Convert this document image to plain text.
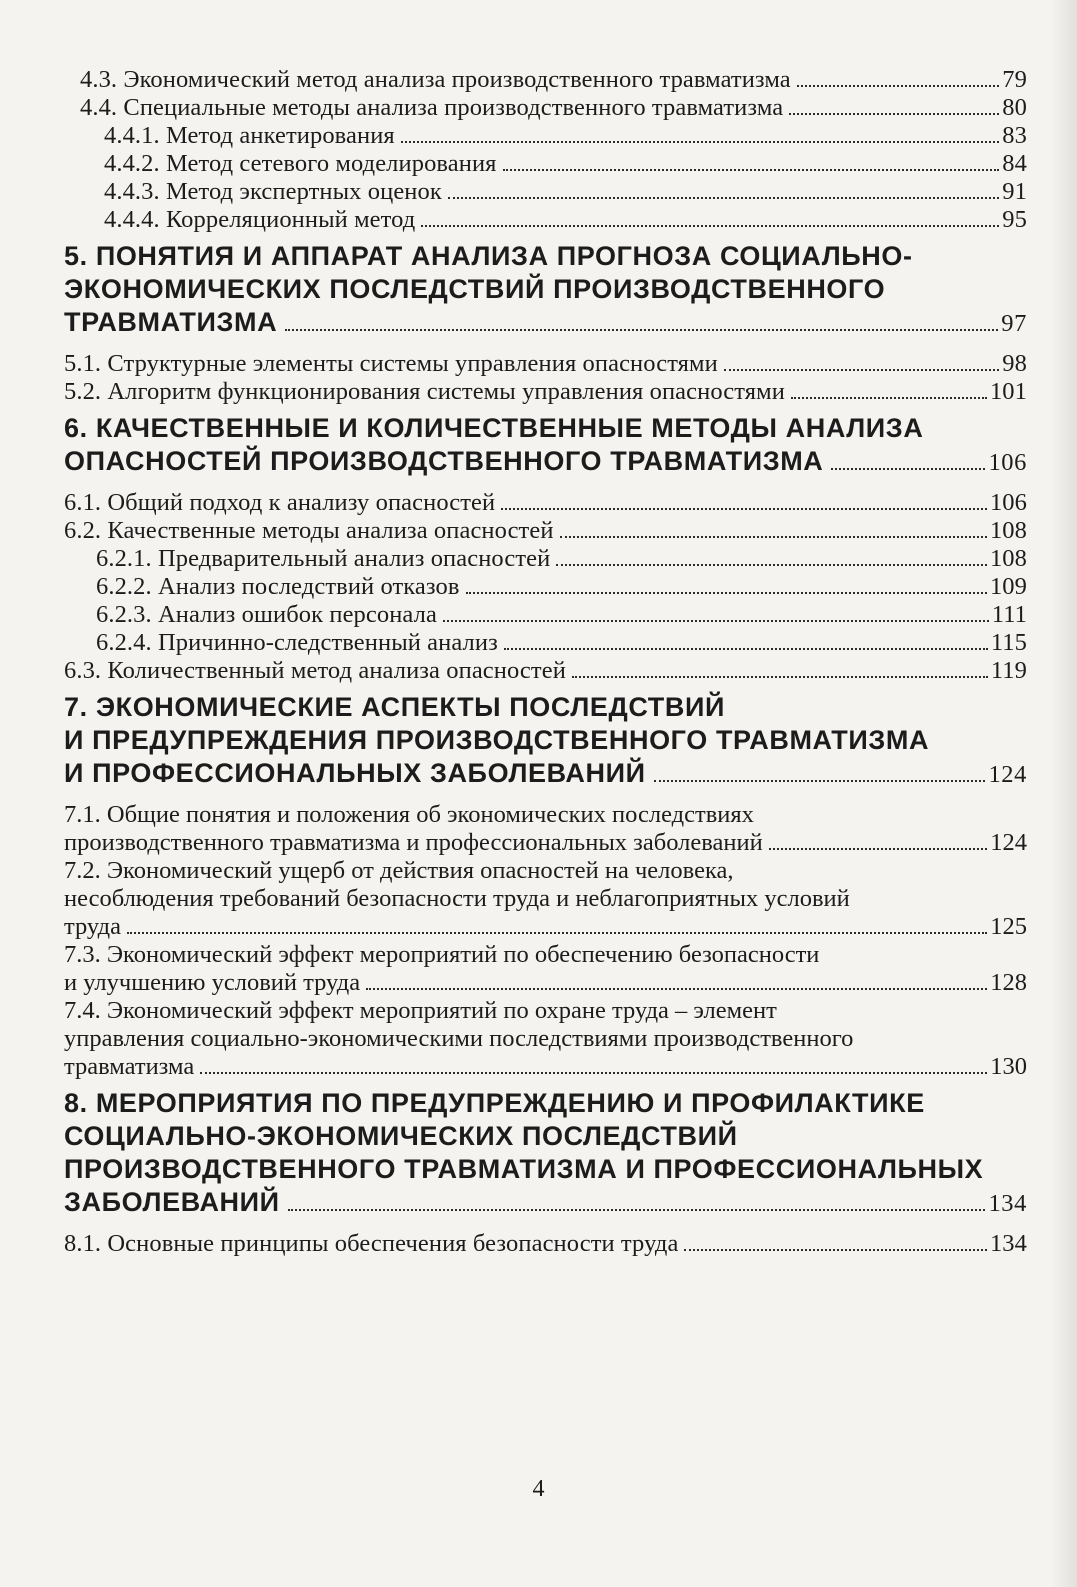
4.3. Экономический метод анализа производственного травматизма	79
4.4. Специальные методы анализа производственного травматизма	80
4.4.1. Метод анкетирования	83
4.4.2. Метод сетевого моделирования	84
4.4.3. Метод экспертных оценок	91
4.4.4. Корреляционный метод	95
5. ПОНЯТИЯ И АППАРАТ АНАЛИЗА ПРОГНОЗА СОЦИАЛЬНО-
ЭКОНОМИЧЕСКИХ ПОСЛЕДСТВИЙ ПРОИЗВОДСТВЕННОГО
ТРАВМАТИЗМА	97
5.1. Структурные элементы системы управления опасностями	98
5.2. Алгоритм функционирования системы управления опасностями	101
6. КАЧЕСТВЕННЫЕ И КОЛИЧЕСТВЕННЫЕ МЕТОДЫ АНАЛИЗА
ОПАСНОСТЕЙ ПРОИЗВОДСТВЕННОГО ТРАВМАТИЗМА	106
6.1. Общий подход к анализу опасностей	106
6.2. Качественные методы анализа опасностей	108
6.2.1. Предварительный анализ опасностей	108
6.2.2. Анализ последствий отказов	109
6.2.3. Анализ ошибок персонала	111
6.2.4. Причинно-следственный анализ	115
6.3. Количественный метод анализа опасностей	119
7. ЭКОНОМИЧЕСКИЕ АСПЕКТЫ ПОСЛЕДСТВИЙ
И ПРЕДУПРЕЖДЕНИЯ ПРОИЗВОДСТВЕННОГО ТРАВМАТИЗМА
И ПРОФЕССИОНАЛЬНЫХ ЗАБОЛЕВАНИЙ	124
7.1. Общие понятия и положения об экономических последствиях
производственного травматизма и профессиональных заболеваний	124
7.2. Экономический ущерб от действия опасностей на человека,
несоблюдения требований безопасности труда и неблагоприятных условий
труда	125
7.3. Экономический эффект мероприятий по обеспечению безопасности
и улучшению условий труда	128
7.4. Экономический эффект мероприятий по охране труда – элемент
управления социально-экономическими последствиями производственного
травматизма	130
8. МЕРОПРИЯТИЯ ПО ПРЕДУПРЕЖДЕНИЮ И ПРОФИЛАКТИКЕ
СОЦИАЛЬНО-ЭКОНОМИЧЕСКИХ ПОСЛЕДСТВИЙ
ПРОИЗВОДСТВЕННОГО ТРАВМАТИЗМА И ПРОФЕССИОНАЛЬНЫХ
ЗАБОЛЕВАНИЙ	134
8.1. Основные принципы обеспечения безопасности труда	134
4
